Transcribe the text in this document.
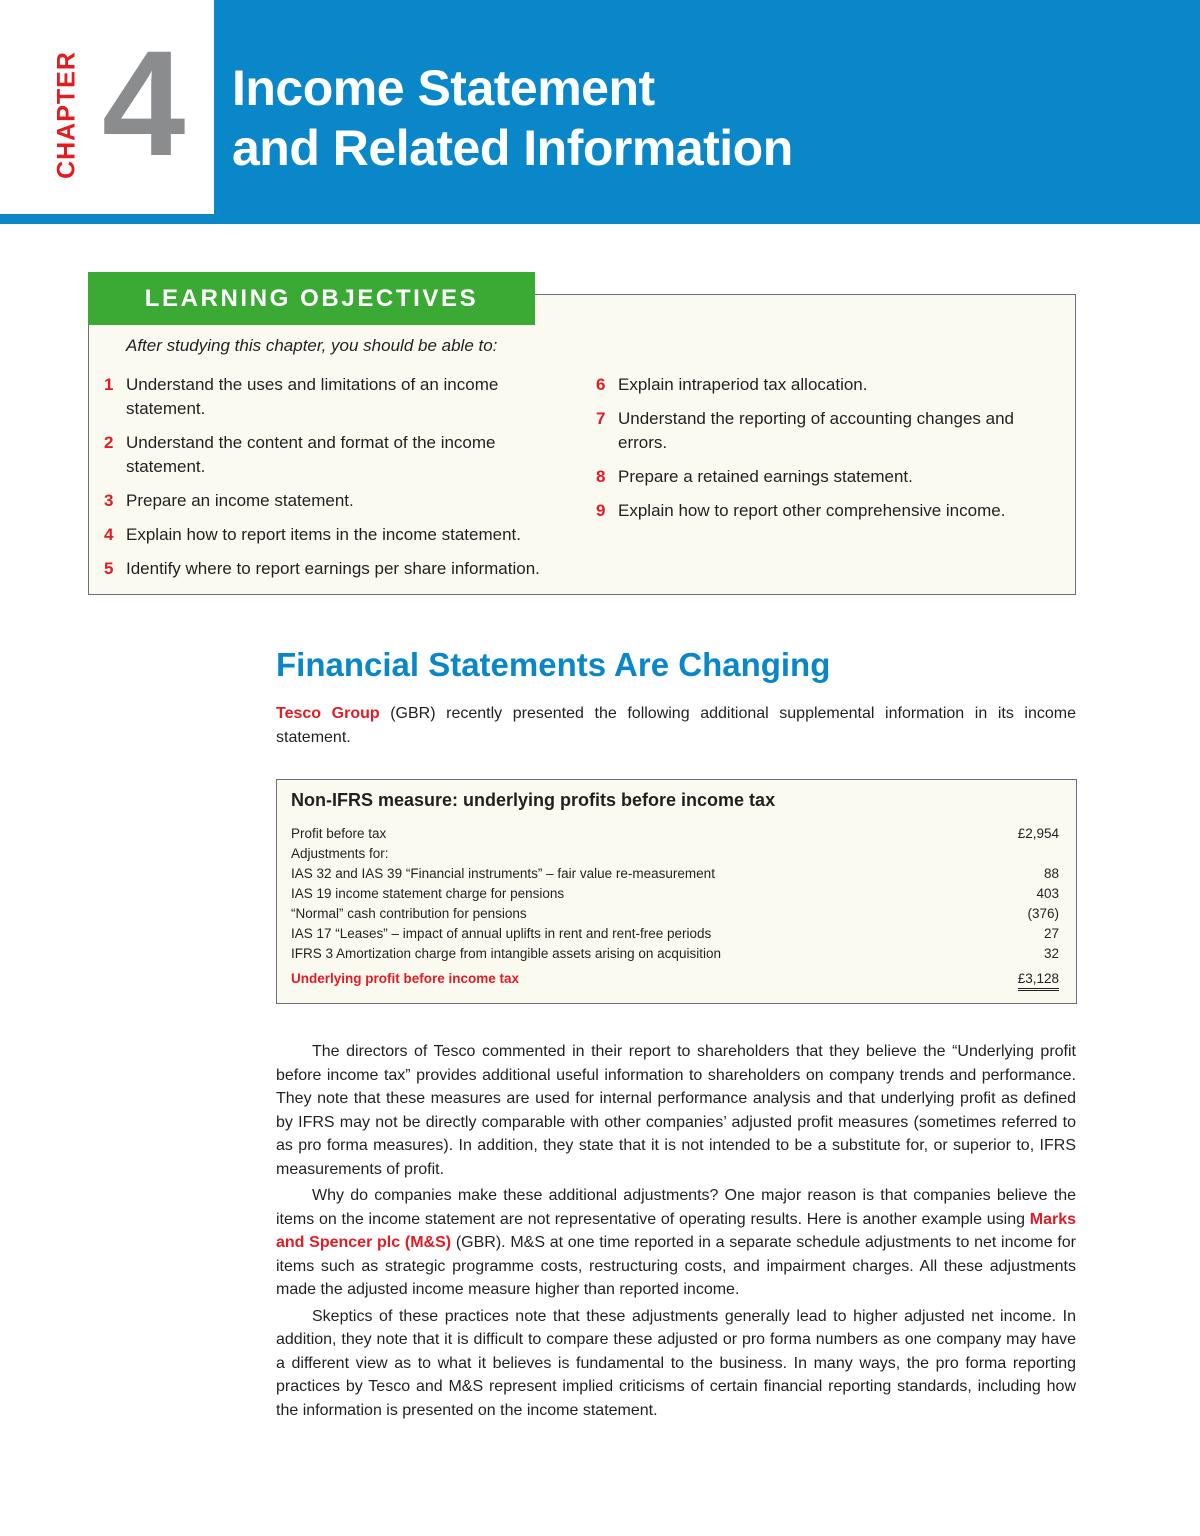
CHAPTER 4 Income Statement
and Related Information
LEARNING OBJECTIVES
After studying this chapter, you should be able to:
1 Understand the uses and limitations of an income statement.
2 Understand the content and format of the income statement.
3 Prepare an income statement.
4 Explain how to report items in the income statement.
5 Identify where to report earnings per share information.
6 Explain intraperiod tax allocation.
7 Understand the reporting of accounting changes and errors.
8 Prepare a retained earnings statement.
9 Explain how to report other comprehensive income.
Financial Statements Are Changing

Tesco Group (GBR) recently presented the following additional supplemental information in its income statement.

Non-IFRS measure: underlying profits before income tax
Profit before tax	£2,954
Adjustments for:	
IAS 32 and IAS 39 “Financial instruments” – fair value re-measurement	88
IAS 19 income statement charge for pensions	403
“Normal” cash contribution for pensions	(376)
IAS 17 “Leases” – impact of annual uplifts in rent and rent-free periods	27
IFRS 3 Amortization charge from intangible assets arising on acquisition	32
Underlying profit before income tax	£3,128

The directors of Tesco commented in their report to shareholders that they believe the “Underlying profit before income tax” provides additional useful information to shareholders on company trends and performance. They note that these measures are used for internal performance analysis and that underlying profit as defined by IFRS may not be directly comparable with other companies’ adjusted profit measures (sometimes referred to as pro forma measures). In addition, they state that it is not intended to be a substitute for, or superior to, IFRS measurements of profit.

Why do companies make these additional adjustments? One major reason is that companies believe the items on the income statement are not representative of operating results. Here is another example using Marks and Spencer plc (M&S) (GBR). M&S at one time reported in a separate schedule adjustments to net income for items such as strategic programme costs, restructuring costs, and impairment charges. All these adjustments made the adjusted income measure higher than reported income.

Skeptics of these practices note that these adjustments generally lead to higher adjusted net income. In addition, they note that it is difficult to compare these adjusted or pro forma numbers as one company may have a different view as to what it believes is fundamental to the business. In many ways, the pro forma reporting practices by Tesco and M&S represent implied criticisms of certain financial reporting standards, including how the information is presented on the income statement.
